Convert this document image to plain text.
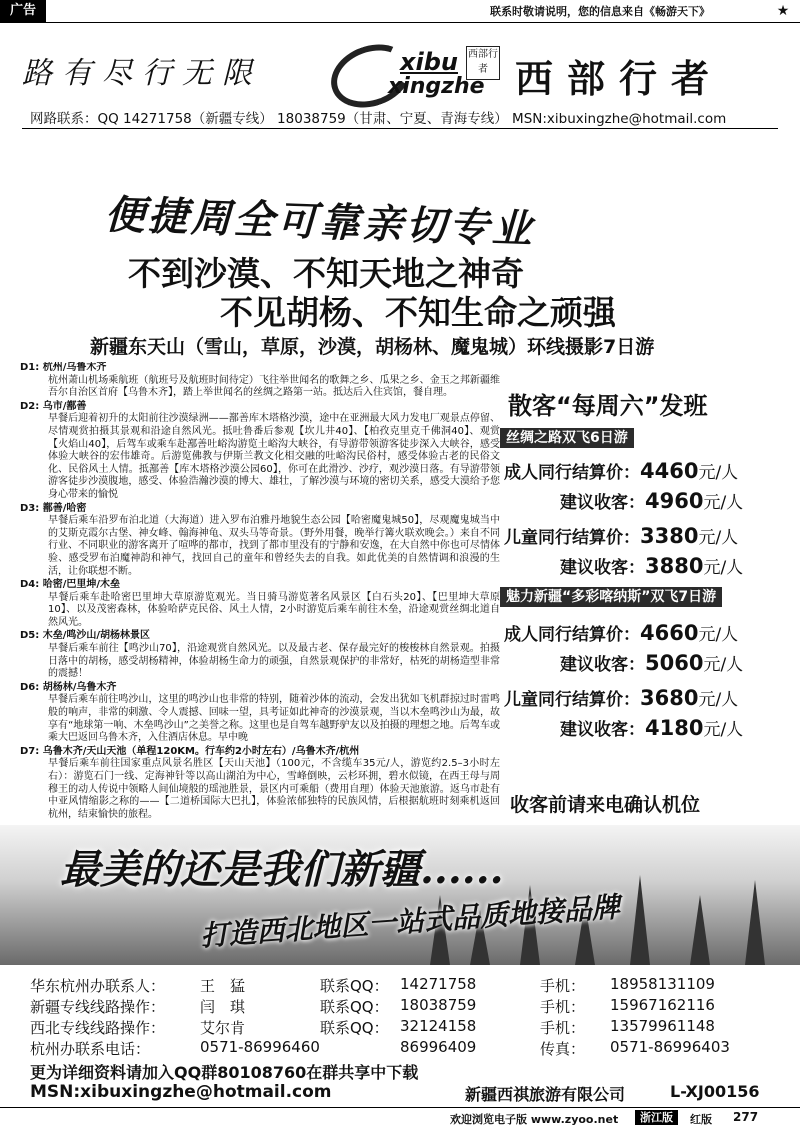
广告	联系时敬请说明，您的信息来自《畅游天下》	★
路有尽行无限	xibu
xingzhe
西部行者 西部行者
网路联系：QQ 14271758（新疆专线） 18038759（甘肃、宁夏、青海专线） MSN:xibuxingzhe@hotmail.com
便捷周全可靠亲切专业
不到沙漠、不知天地之神奇
不见胡杨、不知生命之顽强
新疆东天山（雪山，草原，沙漠，胡杨林、魔鬼城）环线摄影7日游
D1: 杭州/乌鲁木齐
杭州萧山机场乘航班（航班号及航班时间待定）飞往举世闻名的歌舞之乡、瓜果之乡、金玉之邦新疆维吾尔自治区首府【乌鲁木齐】，踏上举世闻名的丝绸之路第一站。抵达后入住宾馆，餐自理。
D2: 乌市/鄯善
早餐后迎着初升的太阳前往沙漠绿洲——鄯善库木塔格沙漠，途中在亚洲最大风力发电厂观景点停留、尽情观赏拍摄其景观和沿途自然风光。抵吐鲁番后参观【坎儿井40】、【柏孜克里克千佛洞40】、观赏【火焰山40】，后驾车或乘车赴鄯善吐峪沟游览土峪沟大峡谷，有导游带领游客徒步深入大峡谷，感受体验大峡谷的宏伟雄奇。后游览佛教与伊斯兰教文化相交融的吐峪沟民俗村，感受体验古老的民俗文化、民俗风土人情。抵鄯善【库木塔格沙漠公园60】，你可在此滑沙、沙疗，观沙漠日落。有导游带领游客徒步沙漠腹地，感受、体验浩瀚沙漠的博大、雄壮，了解沙漠与环境的密切关系，感受大漠给予您身心带来的愉悦
D3: 鄯善/哈密
早餐后乘车沿罗布泊北道（大海道）进入罗布泊雅丹地貌生态公园【哈密魔鬼城50】，尽观魔鬼城当中的艾斯克霞尔古堡、神女峰、翰海神龟、双头马等奇景。（野外用餐，晚举行篝火联欢晚会。）来自不同行业、不同职业的游客离开了喧哗的都市，找到了都市里没有的宁静和安逸，在大自然中你也可尽情体验、感受罗布泊魔神韵和神气，找回自己的童年和曾经失去的自我。如此优美的自然情调和浪漫的生活，让你联想不断。
D4: 哈密/巴里坤/木垒
早餐后乘车赴哈密巴里坤大草原游览观光。当日骑马游览著名风景区【白石头20】、【巴里坤大草原10】、以及茂密森林，体验哈萨克民俗、风土人情，2小时游览后乘车前往木垒，沿途观赏丝绸北道自然风光。
D5: 木垒/鸣沙山/胡杨林景区
早餐后乘车前往【鸣沙山70】，沿途观赏自然风光。以及最古老、保存最完好的梭梭林自然景观。拍摄日落中的胡杨，感受胡杨精神，体验胡杨生命力的顽强，自然景观保护的非常好，枯死的胡杨造型非常的震撼！
D6: 胡杨林/乌鲁木齐
早餐后乘车前往鸣沙山，这里的鸣沙山也非常的特别，随着沙体的流动，会发出犹如飞机群掠过时雷鸣般的响声，非常的刺激、令人震撼、回味一望，具考证如此神奇的沙漠景观，当以木垒鸣沙山为最，故享有“地球第一响、木垒鸣沙山”之美誉之称。这里也是自驾车越野驴友以及拍摄的理想之地。后驾车或乘大巴返回乌鲁木齐，入住酒店休息。早中晚
D7: 乌鲁木齐/天山天池（单程120KM。行车约2小时左右）/乌鲁木齐/杭州
早餐后乘车前往国家重点风景名胜区【天山天池】（100元，不含缆车35元/人，游览约2.5–3小时左右）：游览石门一线、定海神针等以高山湖泊为中心，雪峰倒映，云杉环拥，碧水似镜，在西王母与周穆王的动人传说中领略人间仙境般的瑶池胜景，景区内可乘船（费用自理）体验天池旅游。返乌市赴有中亚风情缩影之称的——【二道桥国际大巴扎】，体验浓郁独特的民族风情，后根据航班时刻乘机返回杭州，结束愉快的旅程。
散客“每周六”发班
丝绸之路双飞6日游
成人同行结算价：4460元/人
建议收客：4960元/人
儿童同行结算价：3380元/人
建议收客：3880元/人
魅力新疆“多彩喀纳斯”双飞7日游
成人同行结算价：4660元/人
建议收客：5060元/人
儿童同行结算价：3680元/人
建议收客：4180元/人
收客前请来电确认机位
最美的还是我们新疆......
打造西北地区一站式品质地接品牌
华东杭州办联系人： 王　猛	联系QQ： 14271758	手机： 18958131109
新疆专线线路操作： 闫　琪	联系QQ： 18038759	手机： 15967162116
西北专线线路操作： 艾尔肯	联系QQ： 32124158	手机： 13579961148
杭州办联系电话：	0571-86996460	86996409	传真： 0571-86996403
更为详细资料请加入QQ群80108760在群共享中下载
MSN:xibuxingzhe@hotmail.com	新疆西祺旅游有限公司	L-XJ00156
欢迎浏览电子版 www.zyoo.net	浙江版	红版 277
